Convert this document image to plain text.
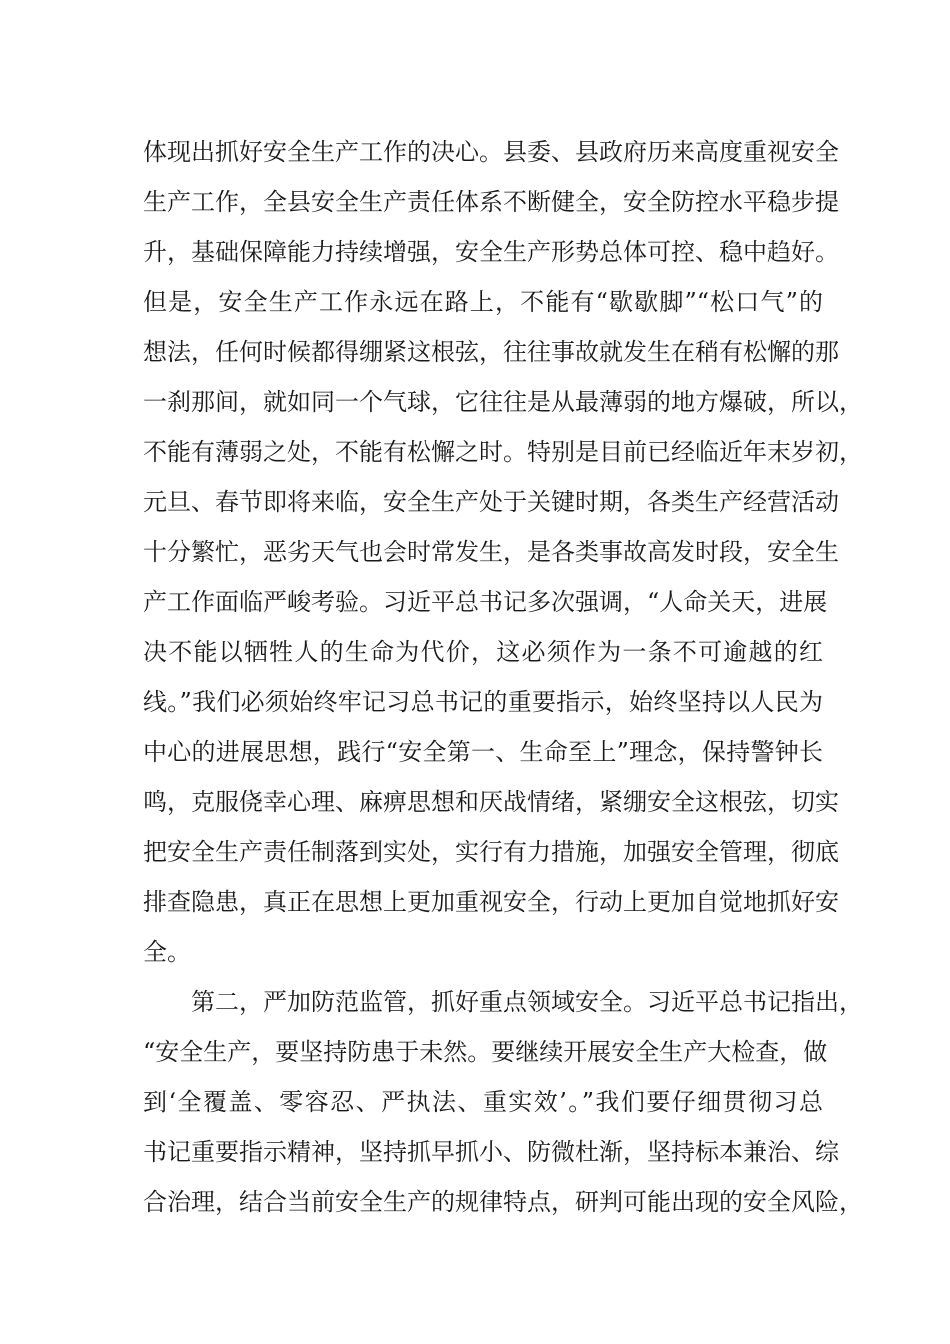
体现出抓好安全生产工作的决心。县委、县政府历来高度重视安全
生产工作，全县安全生产责任体系不断健全，安全防控水平稳步提
升，基础保障能力持续增强，安全生产形势总体可控、稳中趋好。
但是，安全生产工作永远在路上，不能有“歇歇脚”“松口气”的
想法，任何时候都得绷紧这根弦，往往事故就发生在稍有松懈的那
一刹那间，就如同一个气球，它往往是从最薄弱的地方爆破，所以，
不能有薄弱之处，不能有松懈之时。特别是目前已经临近年末岁初，
元旦、春节即将来临，安全生产处于关键时期，各类生产经营活动
十分繁忙，恶劣天气也会时常发生，是各类事故高发时段，安全生
产工作面临严峻考验。习近平总书记多次强调，“人命关天，进展
决不能以牺牲人的生命为代价，这必须作为一条不可逾越的红
线。”我们必须始终牢记习总书记的重要指示，始终坚持以人民为
中心的进展思想，践行“安全第一、生命至上”理念，保持警钟长
鸣，克服侥幸心理、麻痹思想和厌战情绪，紧绷安全这根弦，切实
把安全生产责任制落到实处，实行有力措施，加强安全管理，彻底
排查隐患，真正在思想上更加重视安全，行动上更加自觉地抓好安
全。
第二，严加防范监管，抓好重点领域安全。习近平总书记指出，
“安全生产，要坚持防患于未然。要继续开展安全生产大检查，做
到‘全覆盖、零容忍、严执法、重实效’。”我们要仔细贯彻习总
书记重要指示精神，坚持抓早抓小、防微杜渐，坚持标本兼治、综
合治理，结合当前安全生产的规律特点，研判可能出现的安全风险，
